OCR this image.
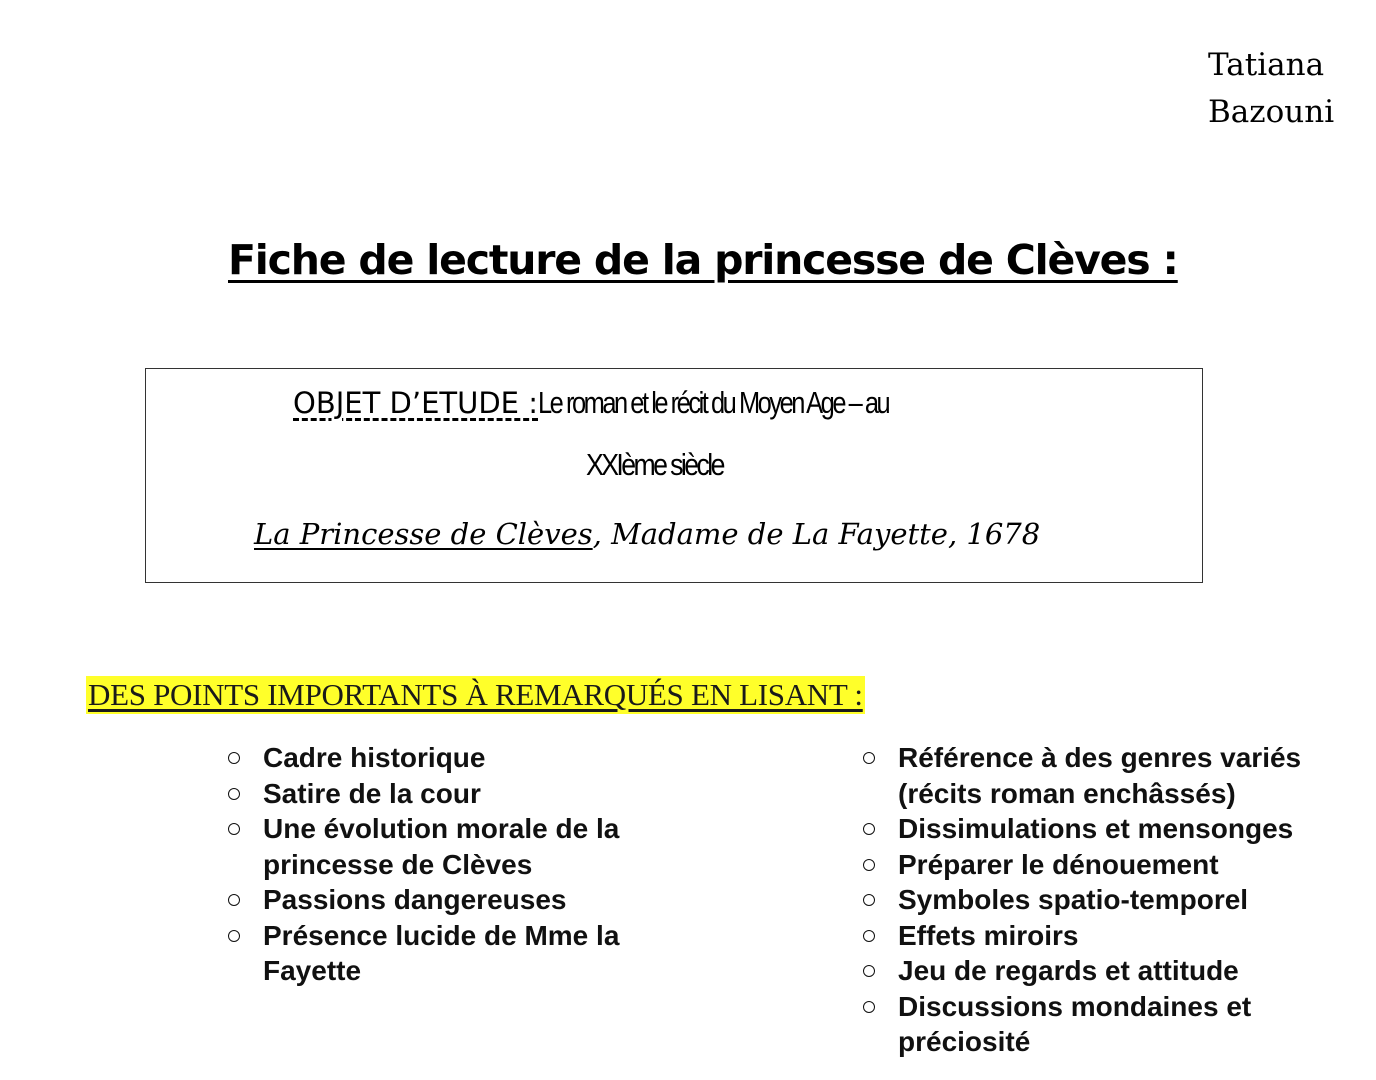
Tatiana
Bazouni
Fiche de lecture de la princesse de Clèves :
OBJET D’ETUDE :Le roman et le récit du Moyen Age – au
XXIème siècle
La Princesse de Clèves, Madame de La Fayette, 1678
DES POINTS IMPORTANTS À REMARQUÉS EN LISANT :
Cadre historique
Satire de la cour
Une évolution morale de la princesse de Clèves
Passions dangereuses
Présence lucide de Mme la Fayette
Référence à des genres variés (récits roman enchâssés)
Dissimulations et mensonges
Préparer le dénouement
Symboles spatio-temporel
Effets miroirs
Jeu de regards et attitude
Discussions mondaines et préciosité
